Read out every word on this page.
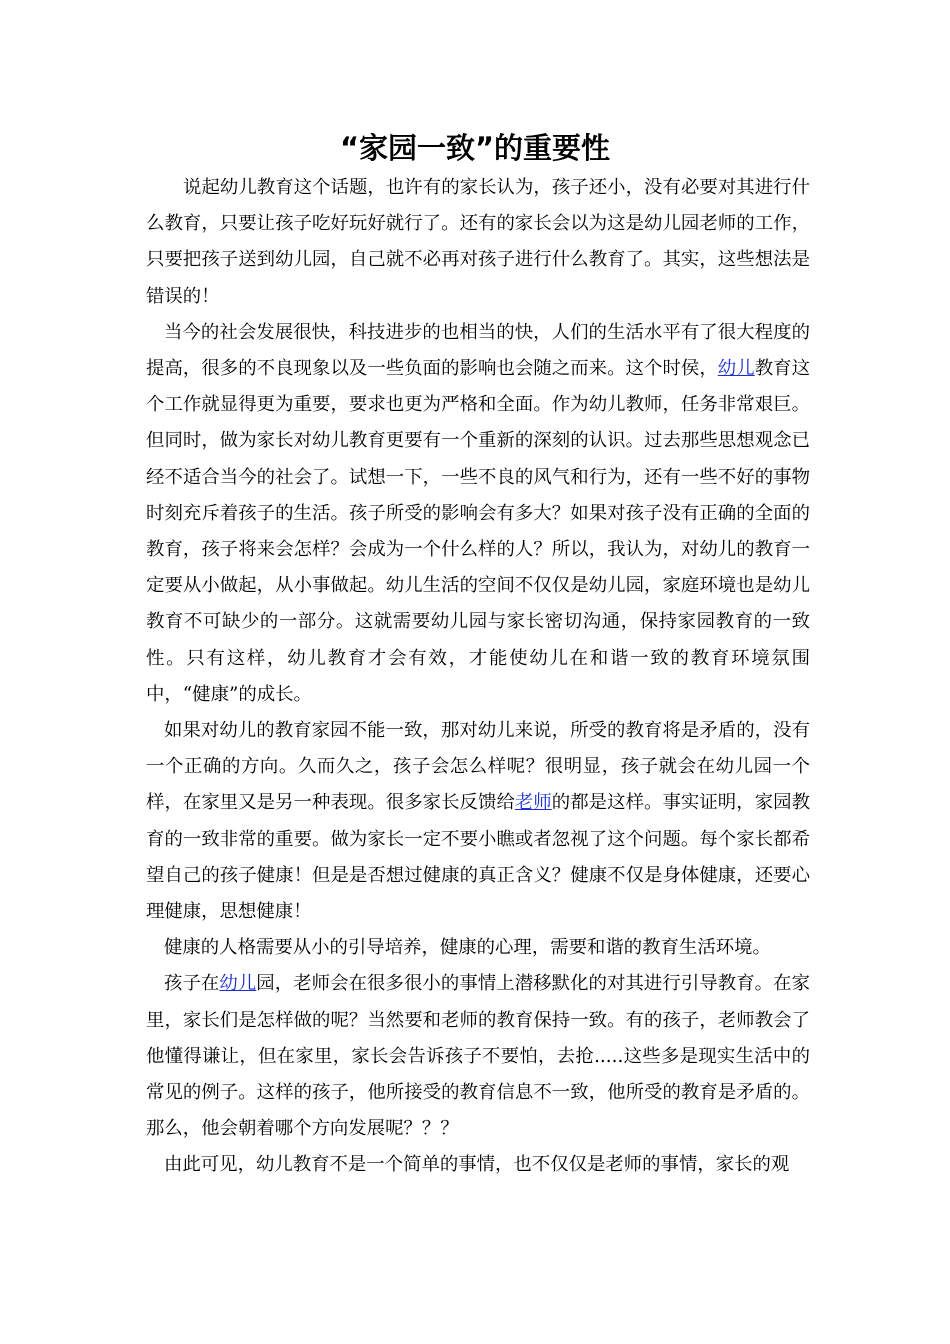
“家园一致”的重要性

说起幼儿教育这个话题，也许有的家长认为，孩子还小，没有必要对其进行什么教育，只要让孩子吃好玩好就行了。还有的家长会以为这是幼儿园老师的工作，只要把孩子送到幼儿园，自己就不必再对孩子进行什么教育了。其实，这些想法是错误的！

当今的社会发展很快，科技进步的也相当的快，人们的生活水平有了很大程度的提高，很多的不良现象以及一些负面的影响也会随之而来。这个时侯，幼儿教育这个工作就显得更为重要，要求也更为严格和全面。作为幼儿教师，任务非常艰巨。但同时，做为家长对幼儿教育更要有一个重新的深刻的认识。过去那些思想观念已经不适合当今的社会了。试想一下，一些不良的风气和行为，还有一些不好的事物时刻充斥着孩子的生活。孩子所受的影响会有多大？如果对孩子没有正确的全面的教育，孩子将来会怎样？会成为一个什么样的人？所以，我认为，对幼儿的教育一定要从小做起，从小事做起。幼儿生活的空间不仅仅是幼儿园，家庭环境也是幼儿教育不可缺少的一部分。这就需要幼儿园与家长密切沟通，保持家园教育的一致性。只有这样，幼儿教育才会有效，才能使幼儿在和谐一致的教育环境氛围中，“健康”的成长。

如果对幼儿的教育家园不能一致，那对幼儿来说，所受的教育将是矛盾的，没有一个正确的方向。久而久之，孩子会怎么样呢？很明显，孩子就会在幼儿园一个样，在家里又是另一种表现。很多家长反馈给老师的都是这样。事实证明，家园教育的一致非常的重要。做为家长一定不要小瞧或者忽视了这个问题。每个家长都希望自己的孩子健康！但是是否想过健康的真正含义？健康不仅是身体健康，还要心理健康，思想健康！

健康的人格需要从小的引导培养，健康的心理，需要和谐的教育生活环境。

孩子在幼儿园，老师会在很多很小的事情上潜移默化的对其进行引导教育。在家里，家长们是怎样做的呢？当然要和老师的教育保持一致。有的孩子，老师教会了他懂得谦让，但在家里，家长会告诉孩子不要怕，去抢.....这些多是现实生活中的常见的例子。这样的孩子，他所接受的教育信息不一致，他所受的教育是矛盾的。那么，他会朝着哪个方向发展呢？？？

由此可见，幼儿教育不是一个简单的事情，也不仅仅是老师的事情，家长的观
